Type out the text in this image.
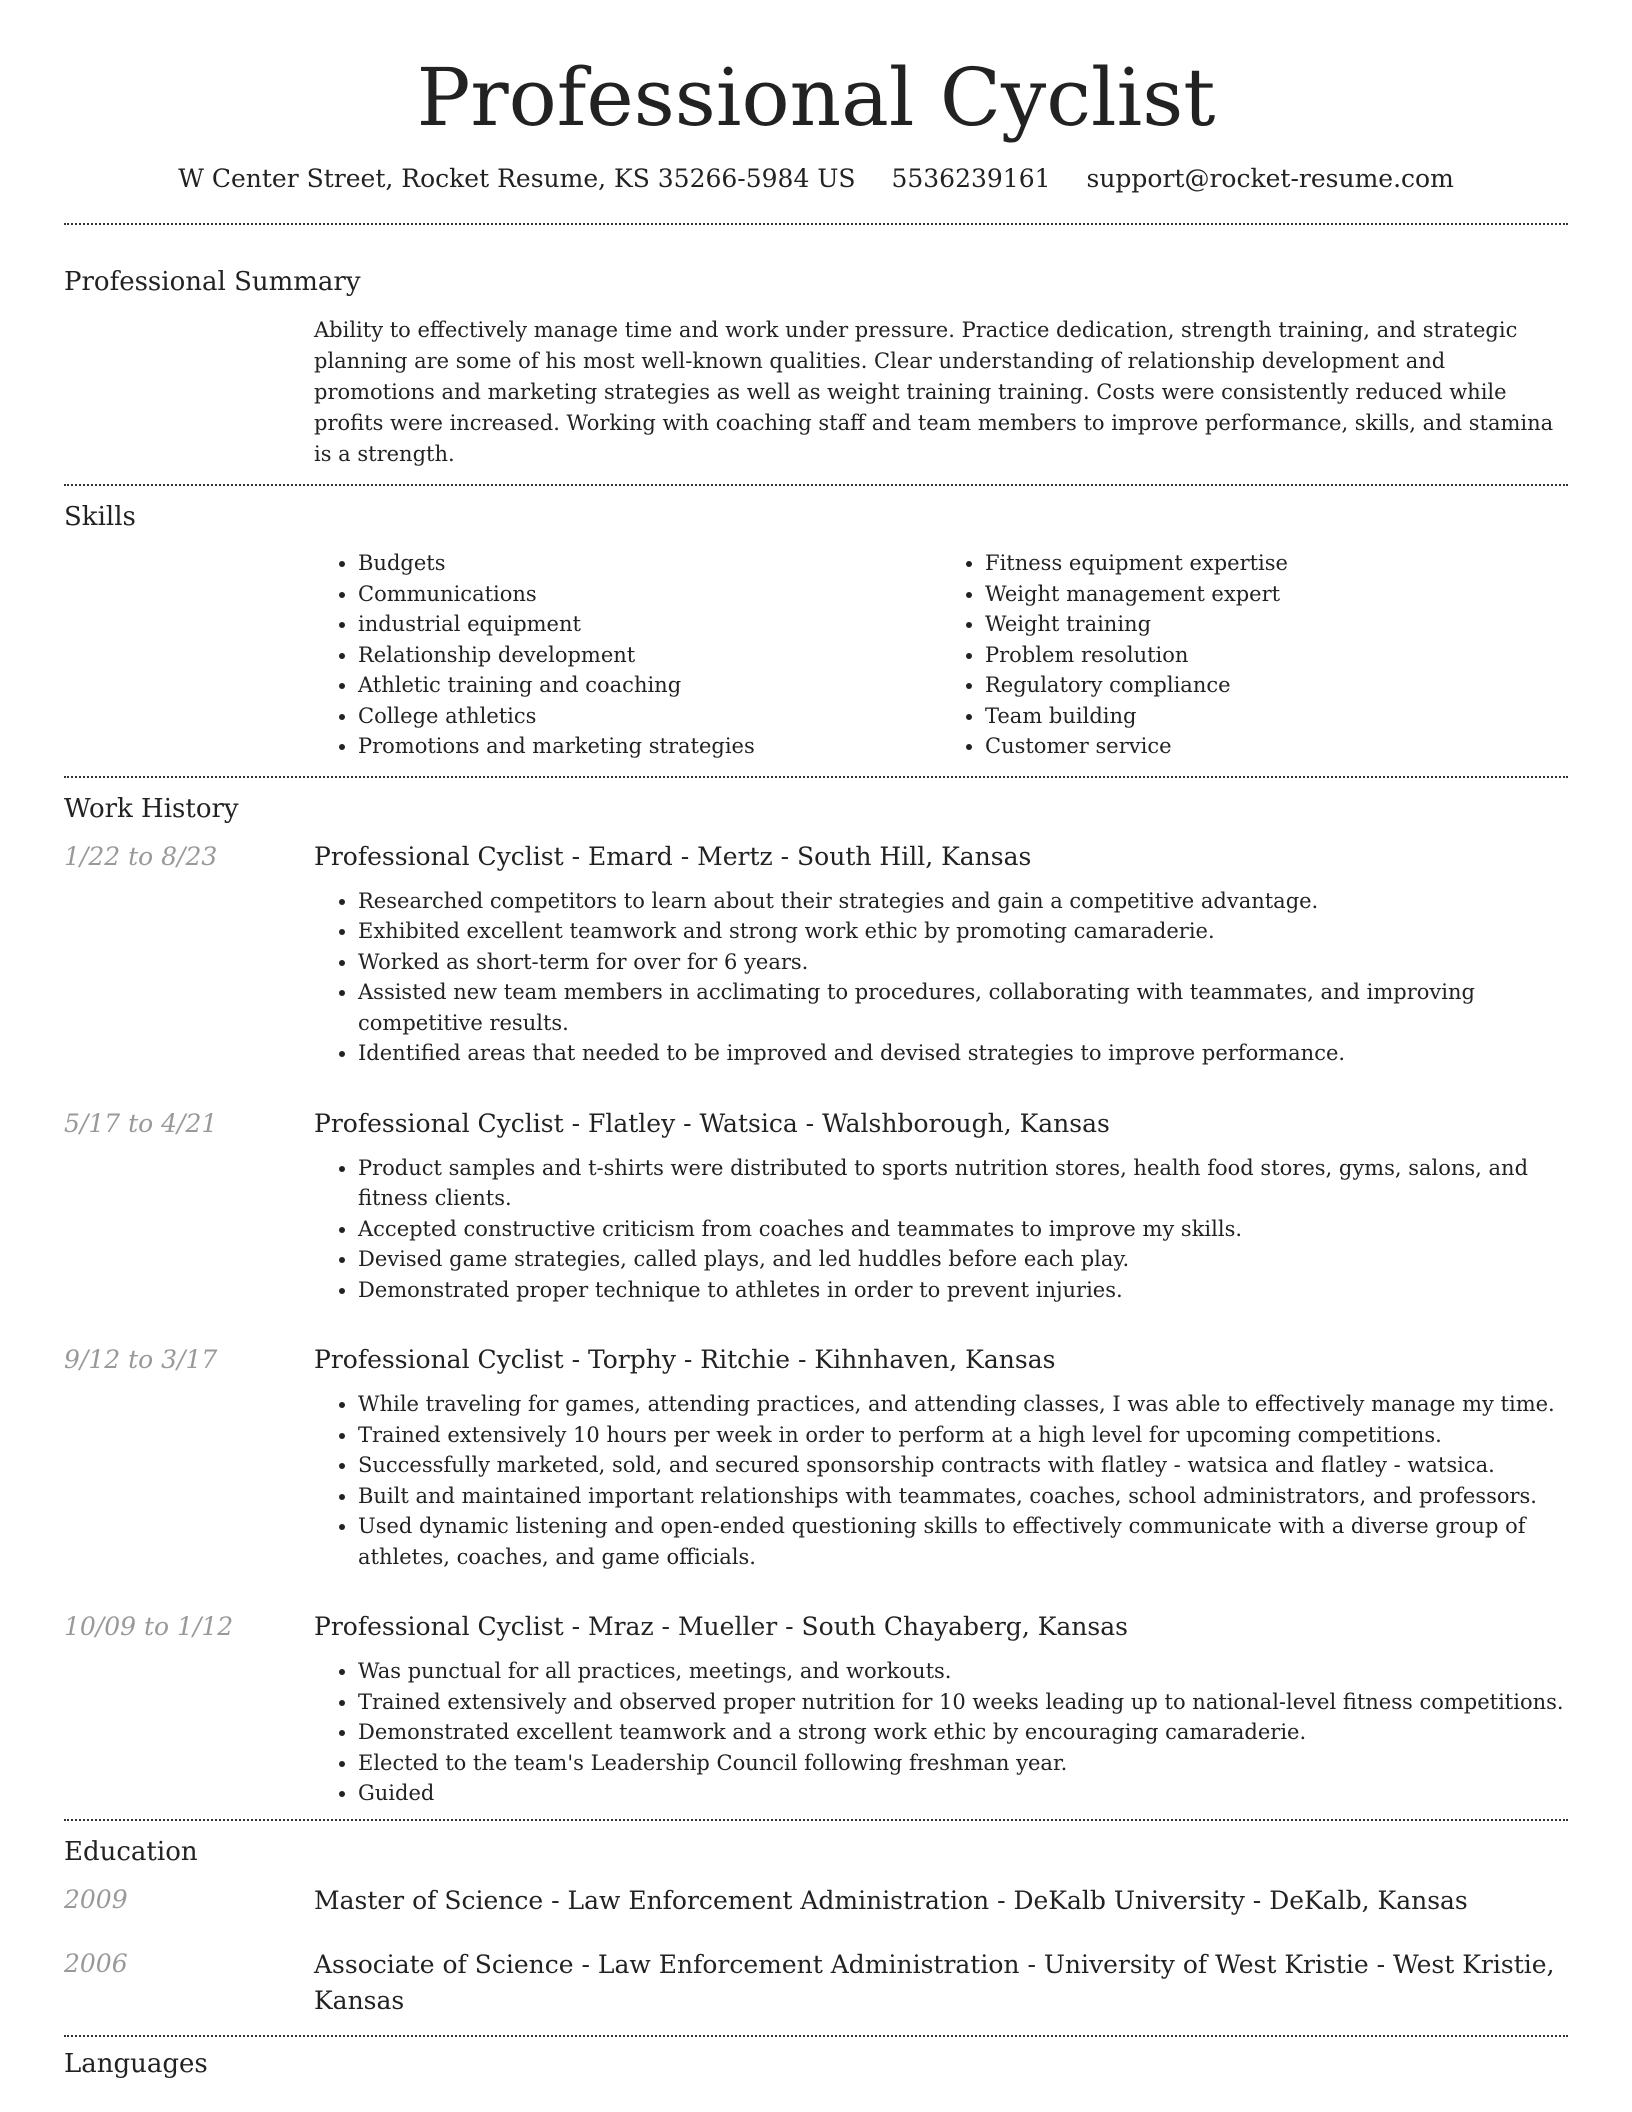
Professional Cyclist
W Center Street, Rocket Resume, KS 35266-5984 US 5536239161 support@rocket-resume.com
Professional Summary
Ability to effectively manage time and work under pressure. Practice dedication, strength training, and strategic planning are some of his most well-known qualities. Clear understanding of relationship development and promotions and marketing strategies as well as weight training training. Costs were consistently reduced while profits were increased. Working with coaching staff and team members to improve performance, skills, and stamina is a strength.
Skills
• Budgets
• Communications
• industrial equipment
• Relationship development
• Athletic training and coaching
• College athletics
• Promotions and marketing strategies
• Fitness equipment expertise
• Weight management expert
• Weight training
• Problem resolution
• Regulatory compliance
• Team building
• Customer service
Work History
1/22 to 8/23	Professional Cyclist - Emard - Mertz - South Hill, Kansas
• Researched competitors to learn about their strategies and gain a competitive advantage.
• Exhibited excellent teamwork and strong work ethic by promoting camaraderie.
• Worked as short-term for over for 6 years.
• Assisted new team members in acclimating to procedures, collaborating with teammates, and improving competitive results.
• Identified areas that needed to be improved and devised strategies to improve performance.
5/17 to 4/21	Professional Cyclist - Flatley - Watsica - Walshborough, Kansas
• Product samples and t-shirts were distributed to sports nutrition stores, health food stores, gyms, salons, and fitness clients.
• Accepted constructive criticism from coaches and teammates to improve my skills.
• Devised game strategies, called plays, and led huddles before each play.
• Demonstrated proper technique to athletes in order to prevent injuries.
9/12 to 3/17	Professional Cyclist - Torphy - Ritchie - Kihnhaven, Kansas
• While traveling for games, attending practices, and attending classes, I was able to effectively manage my time.
• Trained extensively 10 hours per week in order to perform at a high level for upcoming competitions.
• Successfully marketed, sold, and secured sponsorship contracts with flatley - watsica and flatley - watsica.
• Built and maintained important relationships with teammates, coaches, school administrators, and professors.
• Used dynamic listening and open-ended questioning skills to effectively communicate with a diverse group of athletes, coaches, and game officials.
10/09 to 1/12	Professional Cyclist - Mraz - Mueller - South Chayaberg, Kansas
• Was punctual for all practices, meetings, and workouts.
• Trained extensively and observed proper nutrition for 10 weeks leading up to national-level fitness competitions.
• Demonstrated excellent teamwork and a strong work ethic by encouraging camaraderie.
• Elected to the team's Leadership Council following freshman year.
• Guided
Education
2009	Master of Science - Law Enforcement Administration - DeKalb University - DeKalb, Kansas
2006	Associate of Science - Law Enforcement Administration - University of West Kristie - West Kristie, Kansas
Languages
